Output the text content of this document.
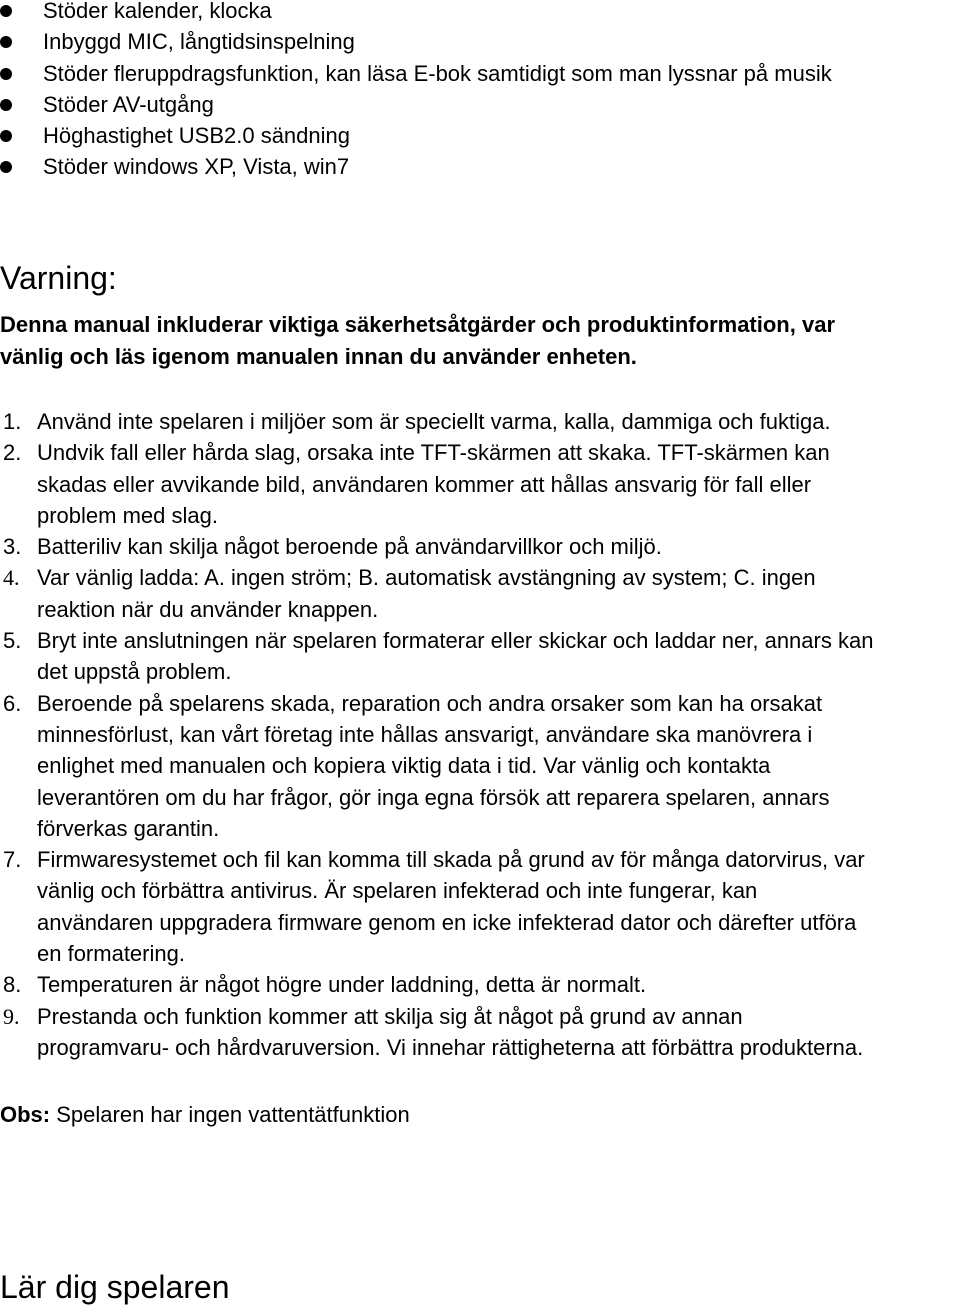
Stöder kalender, klocka
Inbyggd MIC, långtidsinspelning
Stöder fleruppdragsfunktion, kan läsa E-bok samtidigt som man lyssnar på musik
Stöder AV-utgång
Höghastighet USB2.0 sändning
Stöder windows XP, Vista, win7
Varning:

Denna manual inkluderar viktiga säkerhetsåtgärder och produktinformation, var
vänlig och läs igenom manualen innan du använder enheten.

1. Använd inte spelaren i miljöer som är speciellt varma, kalla, dammiga och fuktiga.
2. Undvik fall eller hårda slag, orsaka inte TFT-skärmen att skaka. TFT-skärmen kan
skadas eller avvikande bild, användaren kommer att hållas ansvarig för fall eller
problem med slag.
3. Batteriliv kan skilja något beroende på användarvillkor och miljö.
4. Var vänlig ladda: A. ingen ström; B. automatisk avstängning av system; C. ingen
reaktion när du använder knappen.
5. Bryt inte anslutningen när spelaren formaterar eller skickar och laddar ner, annars kan
det uppstå problem.
6. Beroende på spelarens skada, reparation och andra orsaker som kan ha orsakat
minnesförlust, kan vårt företag inte hållas ansvarigt, användare ska manövrera i
enlighet med manualen och kopiera viktig data i tid. Var vänlig och kontakta
leverantören om du har frågor, gör inga egna försök att reparera spelaren, annars
förverkas garantin.
7. Firmwaresystemet och fil kan komma till skada på grund av för många datorvirus, var
vänlig och förbättra antivirus. Är spelaren infekterad och inte fungerar, kan
användaren uppgradera firmware genom en icke infekterad dator och därefter utföra
en formatering.
8. Temperaturen är något högre under laddning, detta är normalt.
9. Prestanda och funktion kommer att skilja sig åt något på grund av annan
programvaru- och hårdvaruversion. Vi innehar rättigheterna att förbättra produkterna.
Obs: Spelaren har ingen vattentätfunktion
Lär dig spelaren
